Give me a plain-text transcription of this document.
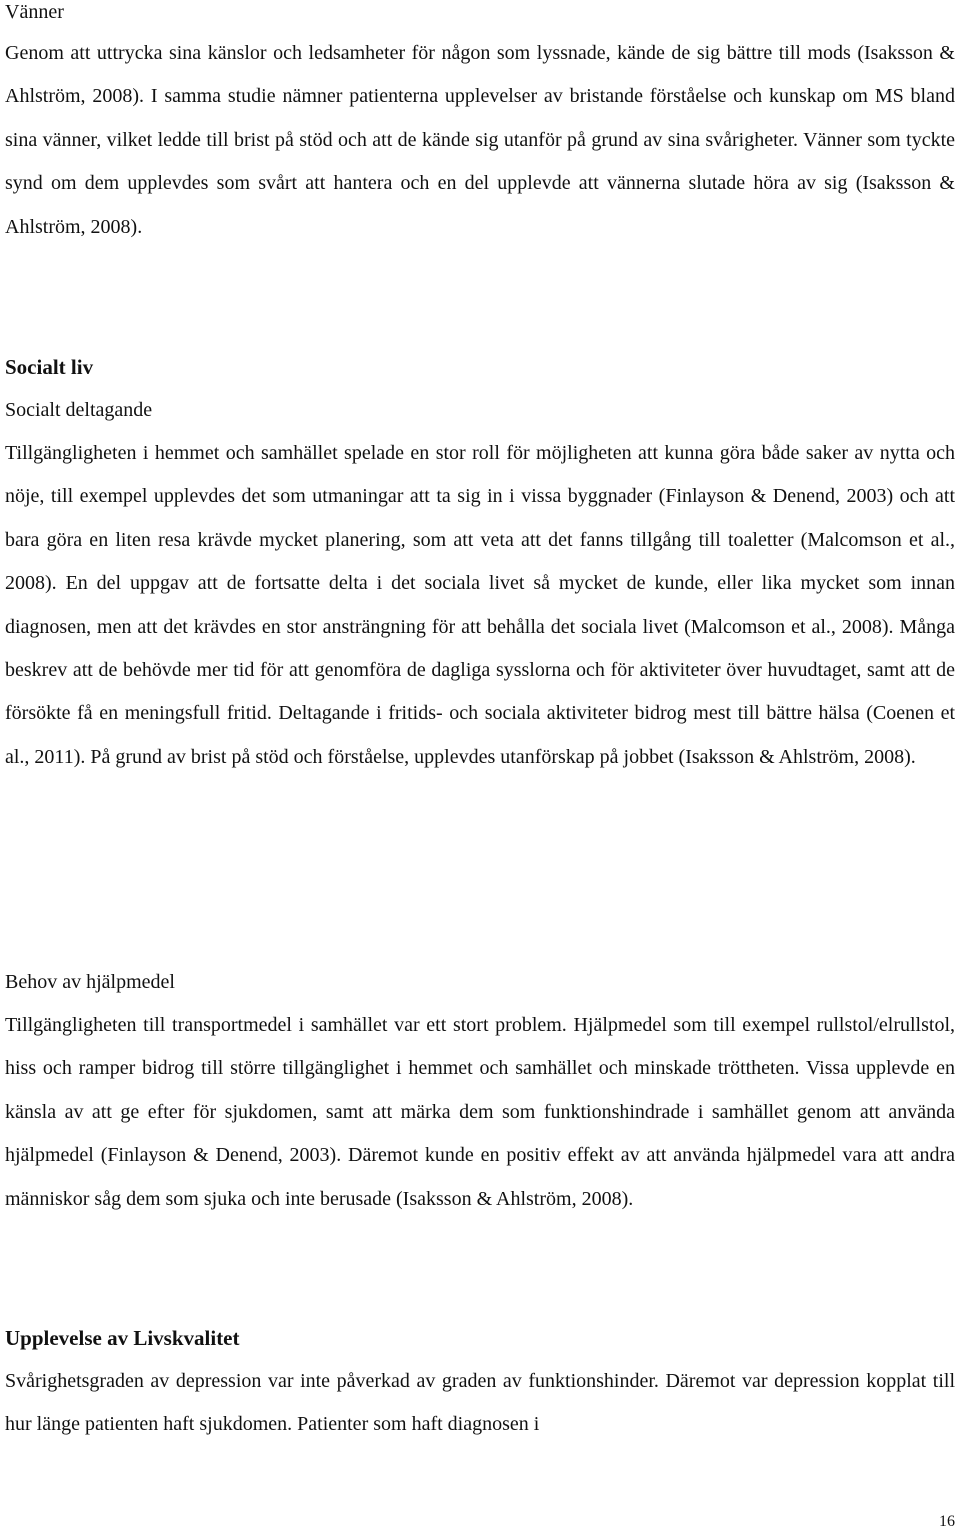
Vänner

Genom att uttrycka sina känslor och ledsamheter för någon som lyssnade, kände de sig bättre till mods (Isaksson & Ahlström, 2008). I samma studie nämner patienterna upplevelser av bristande förståelse och kunskap om MS bland sina vänner, vilket ledde till brist på stöd och att de kände sig utanför på grund av sina svårigheter. Vänner som tyckte synd om dem upplevdes som svårt att hantera och en del upplevde att vännerna slutade höra av sig (Isaksson & Ahlström, 2008).

Socialt liv
Socialt deltagande

Tillgängligheten i hemmet och samhället spelade en stor roll för möjligheten att kunna göra både saker av nytta och nöje, till exempel upplevdes det som utmaningar att ta sig in i vissa byggnader (Finlayson & Denend, 2003) och att bara göra en liten resa krävde mycket planering, som att veta att det fanns tillgång till toaletter (Malcomson et al., 2008). En del uppgav att de fortsatte delta i det sociala livet så mycket de kunde, eller lika mycket som innan diagnosen, men att det krävdes en stor ansträngning för att behålla det sociala livet (Malcomson et al., 2008). Många beskrev att de behövde mer tid för att genomföra de dagliga sysslorna och för aktiviteter över huvudtaget, samt att de försökte få en meningsfull fritid. Deltagande i fritids- och sociala aktiviteter bidrog mest till bättre hälsa (Coenen et al., 2011). På grund av brist på stöd och förståelse, upplevdes utanförskap på jobbet (Isaksson & Ahlström, 2008).

Behov av hjälpmedel

Tillgängligheten till transportmedel i samhället var ett stort problem. Hjälpmedel som till exempel rullstol/elrullstol, hiss och ramper bidrog till större tillgänglighet i hemmet och samhället och minskade tröttheten. Vissa upplevde en känsla av att ge efter för sjukdomen, samt att märka dem som funktionshindrade i samhället genom att använda hjälpmedel (Finlayson & Denend, 2003). Däremot kunde en positiv effekt av att använda hjälpmedel vara att andra människor såg dem som sjuka och inte berusade (Isaksson & Ahlström, 2008).

Upplevelse av Livskvalitet

Svårighetsgraden av depression var inte påverkad av graden av funktionshinder. Däremot var depression kopplat till hur länge patienten haft sjukdomen. Patienter som haft diagnosen i

16
